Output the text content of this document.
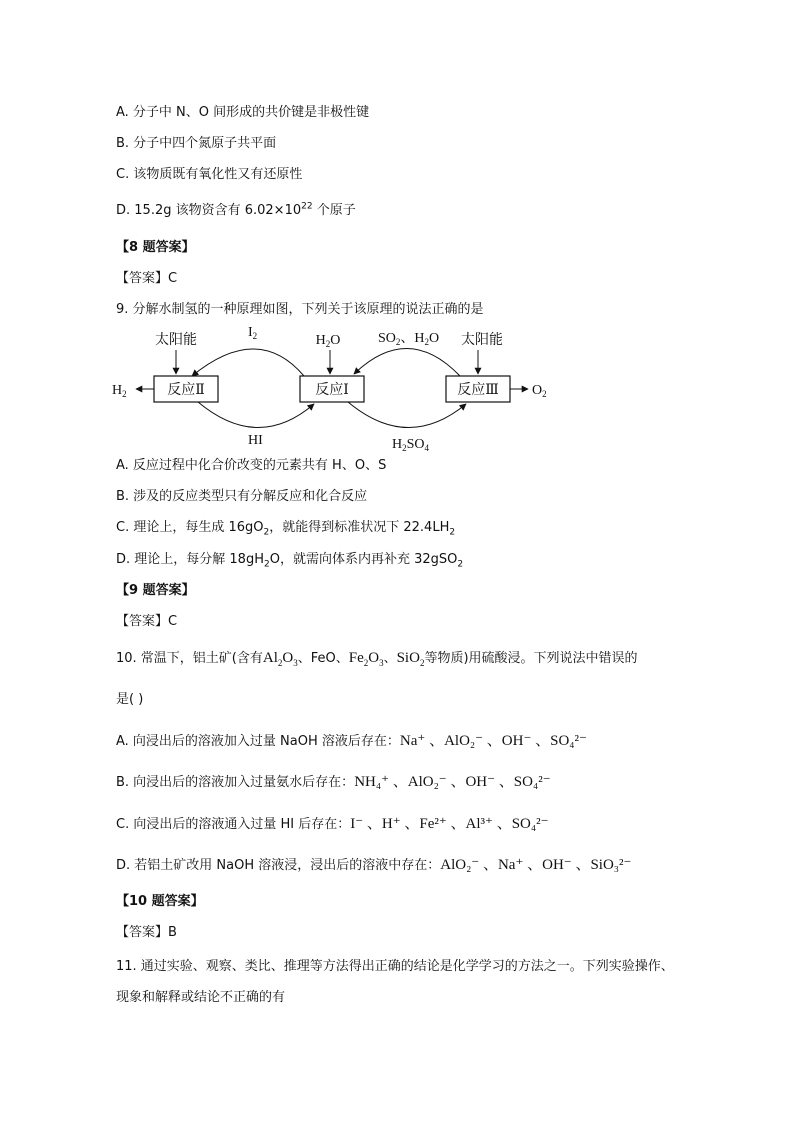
A. 分子中 N、O 间形成的共价键是非极性键
B. 分子中四个氮原子共平面
C. 该物质既有氧化性又有还原性
D. 15.2g 该物资含有 $6.02\times 10^{22}$ 个原子
【8 题答案】
【答案】C
9. 分解水制氢的一种原理如图，下列关于该原理的说法正确的是
反应Ⅱ	反应Ⅰ	反应Ⅲ
太阳能	$H_2O$	太阳能
$I_2$	$SO_2$、$H_2O$
HI	$H_2SO_4$
$H_2$	$O_2$
A. 反应过程中化合价改变的元素共有 H、O、S
B. 涉及的反应类型只有分解反应和化合反应
C. 理论上，每生成 $16gO_2$，就能得到标准状况下 $22.4LH_2$
D. 理论上，每分解 $18gH_2O$，就需向体系内再补充 32gSO$_2$
【9 题答案】
【答案】C
10. 常温下，铝土矿(含有$Al_2O_3$、FeO、$Fe_2O_3$、SiO$_2$等物质)用硫酸浸。下列说法中错误的
是( )
A. 向浸出后的溶液加入过量 NaOH 溶液后存在：Na⁺ 、AlO₂⁻ 、OH⁻ 、SO₄²⁻
B. 向浸出后的溶液加入过量氨水后存在：NH₄⁺ 、AlO₂⁻ 、OH⁻ 、SO₄²⁻
C. 向浸出后的溶液通入过量 HI 后存在：I⁻ 、H⁺ 、Fe²⁺ 、Al³⁺ 、SO₄²⁻
D. 若铝土矿改用 NaOH 溶液浸，浸出后的溶液中存在：AlO₂⁻ 、Na⁺ 、OH⁻ 、SiO₃²⁻
【10 题答案】
【答案】B
11. 通过实验、观察、类比、推理等方法得出正确的结论是化学学习的方法之一。下列实验操作、
现象和解释或结论不正确的有
